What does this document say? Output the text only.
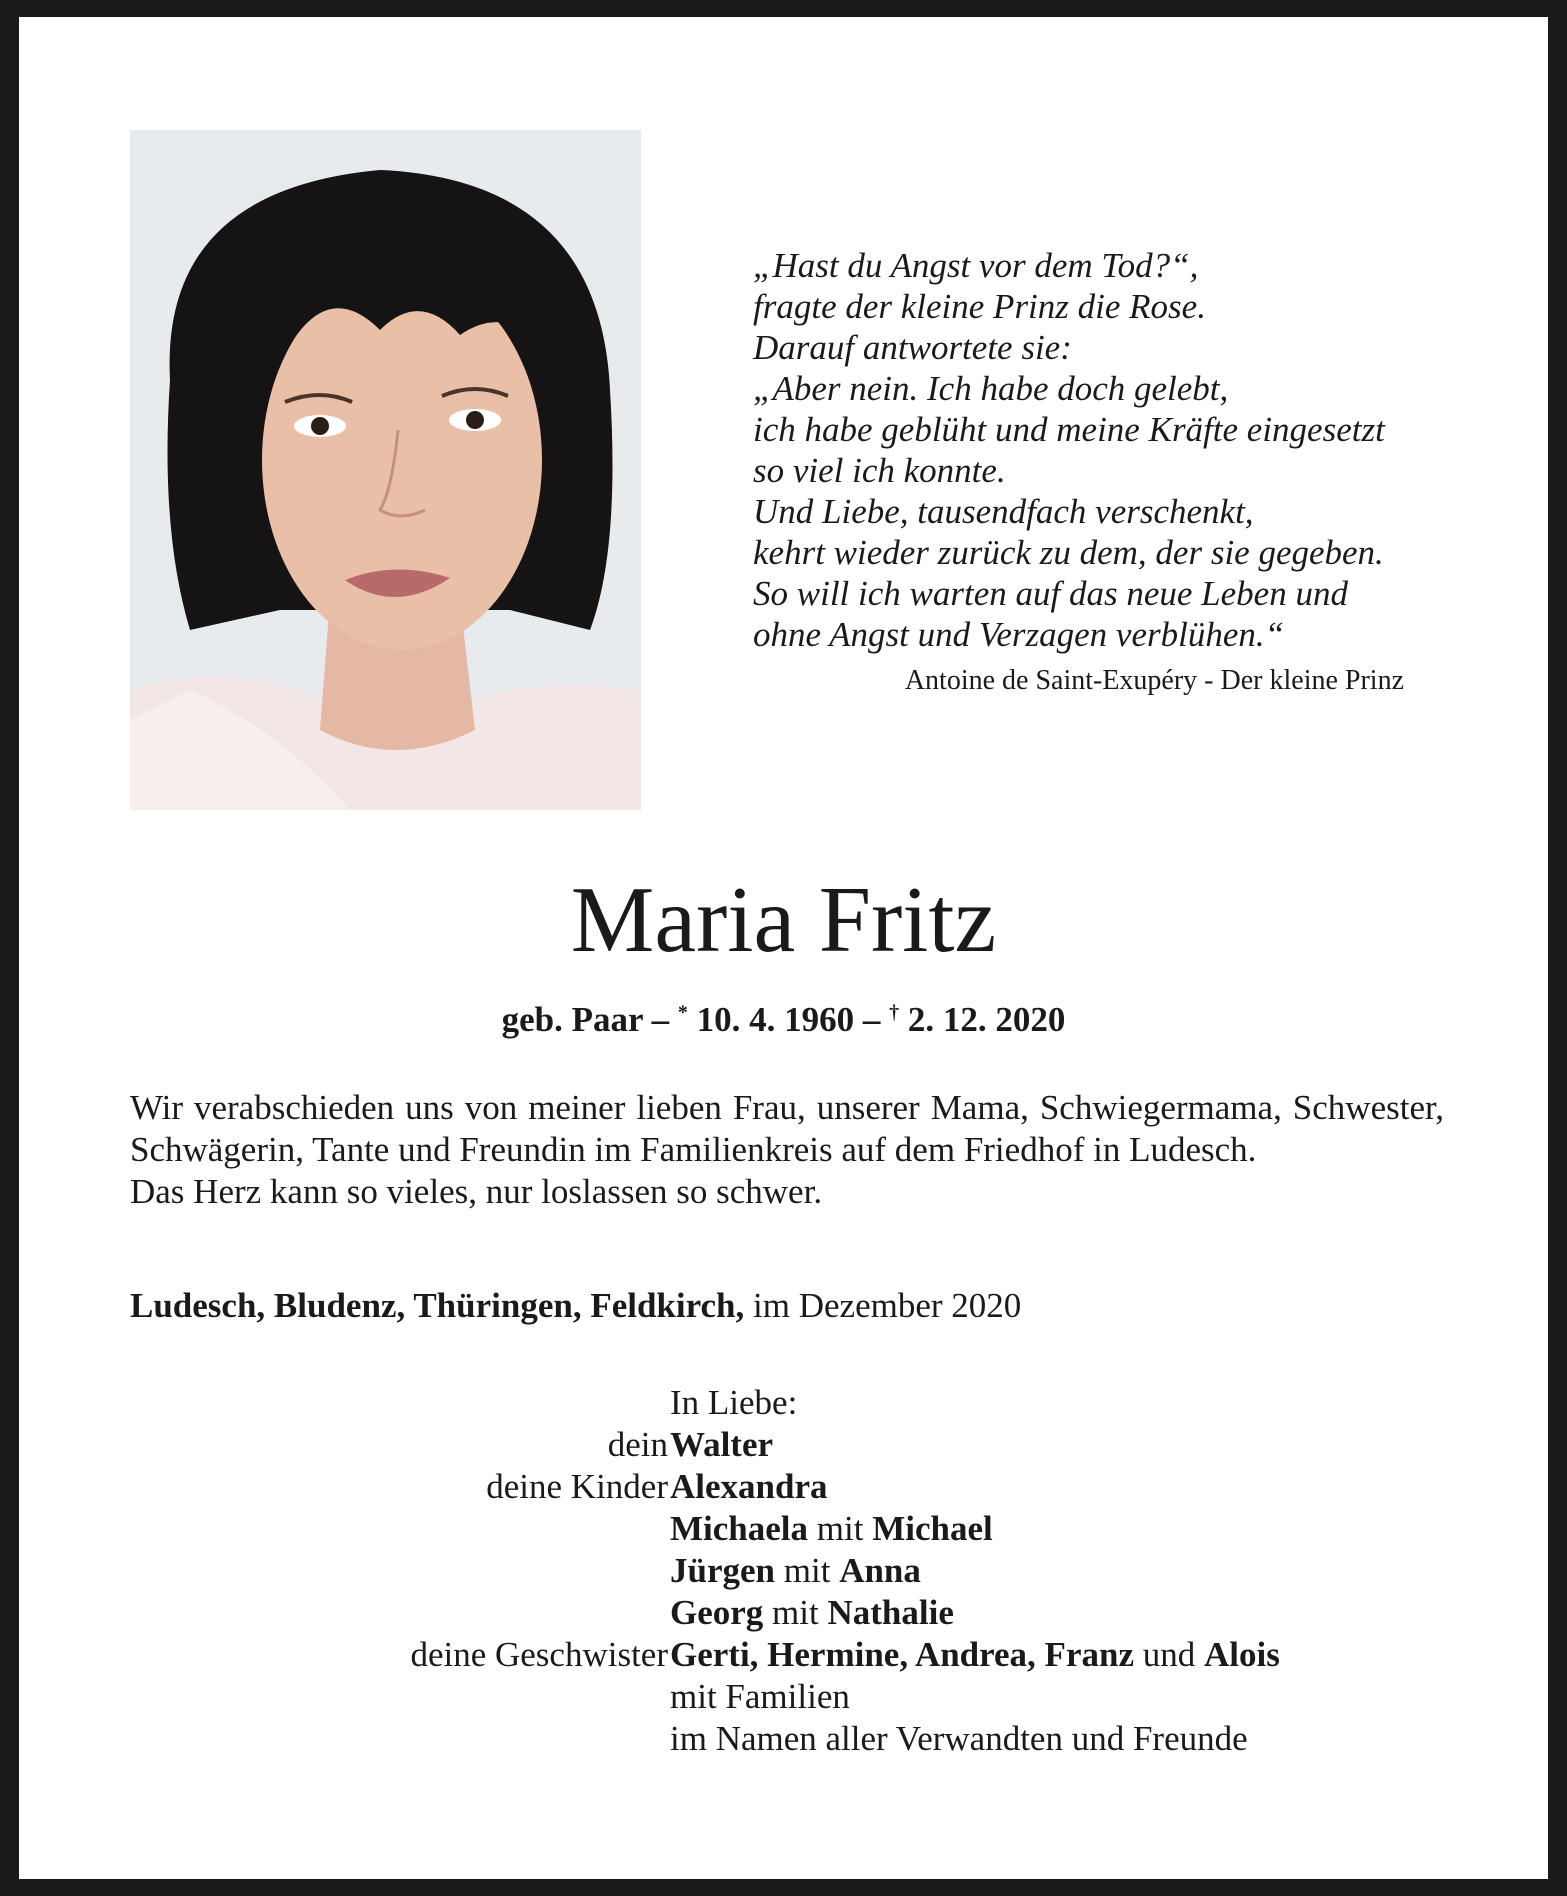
„Hast du Angst vor dem Tod?“,
fragte der kleine Prinz die Rose.
Darauf antwortete sie:
„Aber nein. Ich habe doch gelebt,
ich habe geblüht und meine Kräfte eingesetzt
so viel ich konnte.
Und Liebe, tausendfach verschenkt,
kehrt wieder zurück zu dem, der sie gegeben.
So will ich warten auf das neue Leben und
ohne Angst und Verzagen verblühen.“
Antoine de Saint-Exupéry - Der kleine Prinz
Maria Fritz
geb. Paar – * 10. 4. 1960 – † 2. 12. 2020
Wir verabschieden uns von meiner lieben Frau, unserer Mama, Schwiegermama, Schwester, Schwägerin, Tante und Freundin im Familienkreis auf dem Friedhof in Ludesch.
Das Herz kann so vieles, nur loslassen so schwer.
Ludesch, Bludenz, Thüringen, Feldkirch, im Dezember 2020
In Liebe:
dein Walter
deine Kinder Alexandra
Michaela mit Michael
Jürgen mit Anna
Georg mit Nathalie
deine Geschwister Gerti, Hermine, Andrea, Franz und Alois
mit Familien
im Namen aller Verwandten und Freunde
